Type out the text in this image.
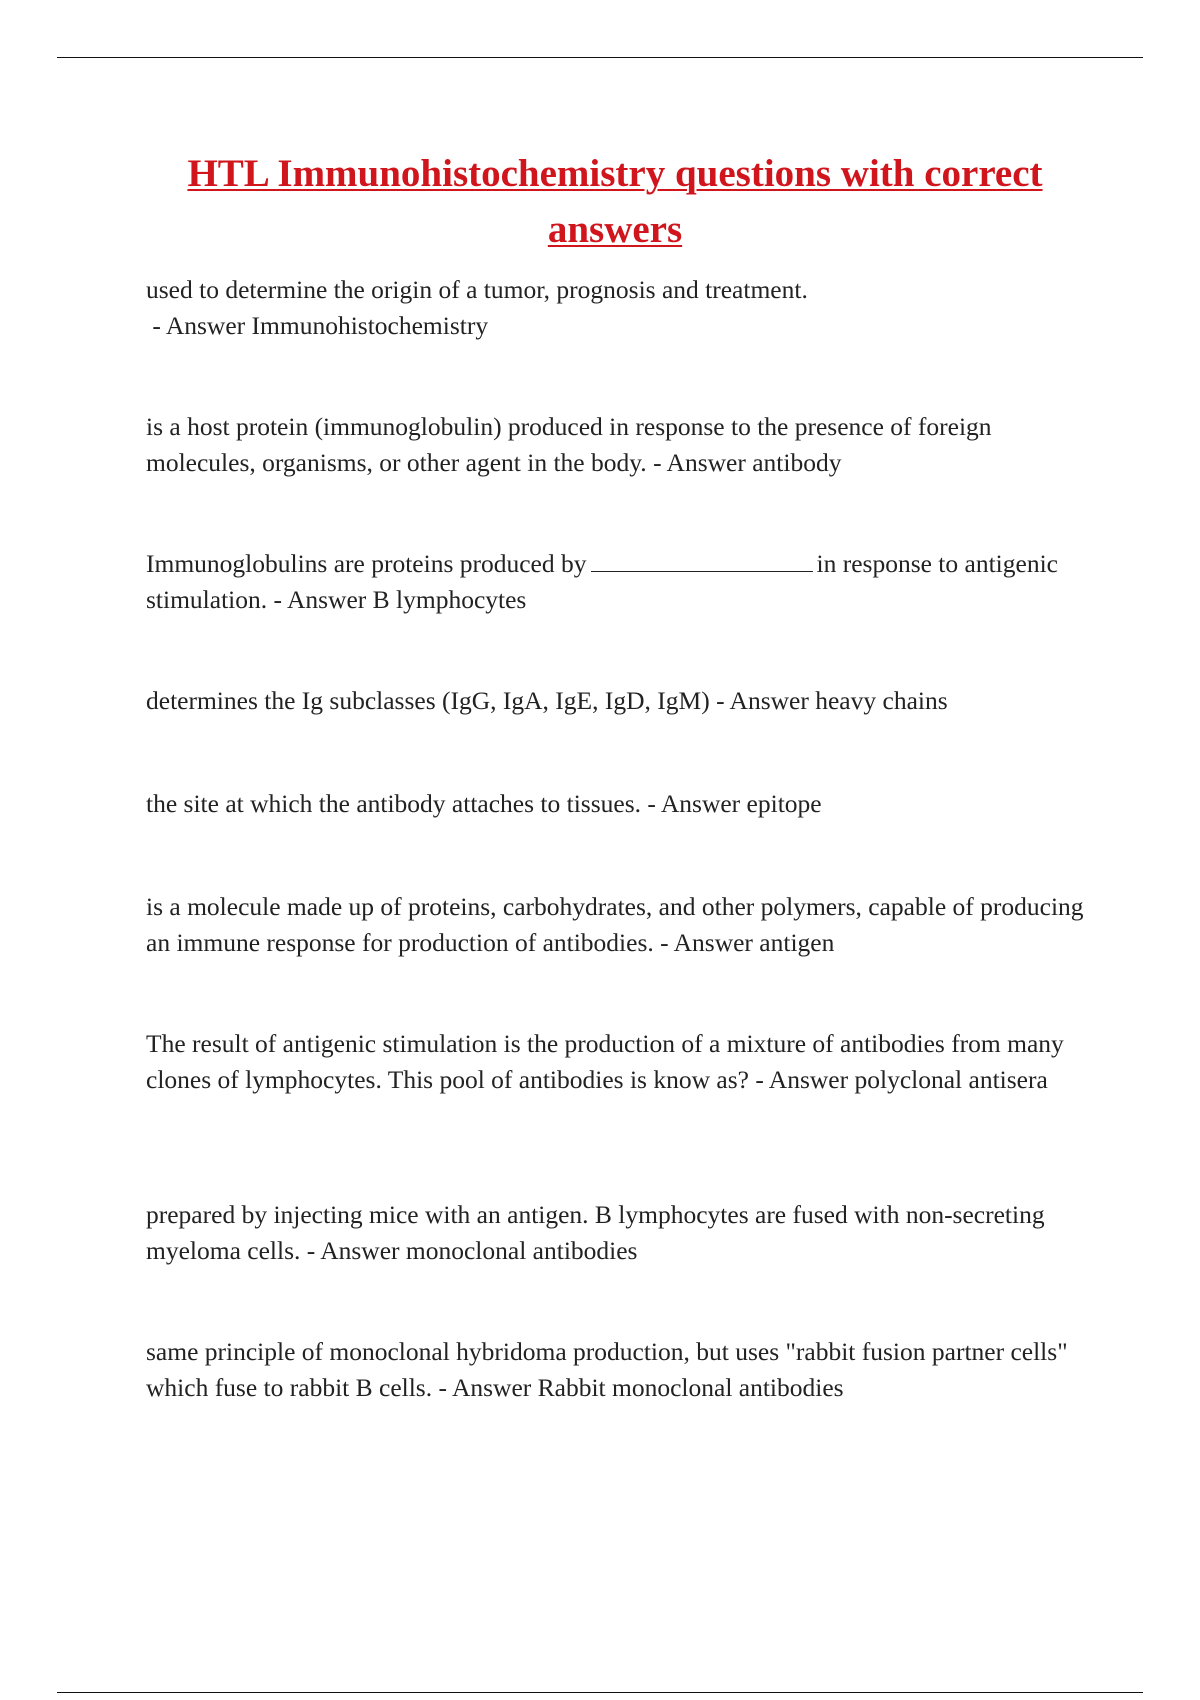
HTL Immunohistochemistry questions with correct answers

used to determine the origin of a tumor, prognosis and treatment. - Answer Immunohistochemistry

is a host protein (immunoglobulin) produced in response to the presence of foreign molecules, organisms, or other agent in the body. - Answer antibody

Immunoglobulins are proteins produced by	in response to antigenic stimulation. - Answer B lymphocytes

determines the Ig subclasses (IgG, IgA, IgE, IgD, IgM) - Answer heavy chains

the site at which the antibody attaches to tissues. - Answer epitope

is a molecule made up of proteins, carbohydrates, and other polymers, capable of producing an immune response for production of antibodies. - Answer antigen

The result of antigenic stimulation is the production of a mixture of antibodies from many clones of lymphocytes. This pool of antibodies is know as? - Answer polyclonal antisera

prepared by injecting mice with an antigen. B lymphocytes are fused with non-secreting myeloma cells. - Answer monoclonal antibodies

same principle of monoclonal hybridoma production, but uses "rabbit fusion partner cells" which fuse to rabbit B cells. - Answer Rabbit monoclonal antibodies
